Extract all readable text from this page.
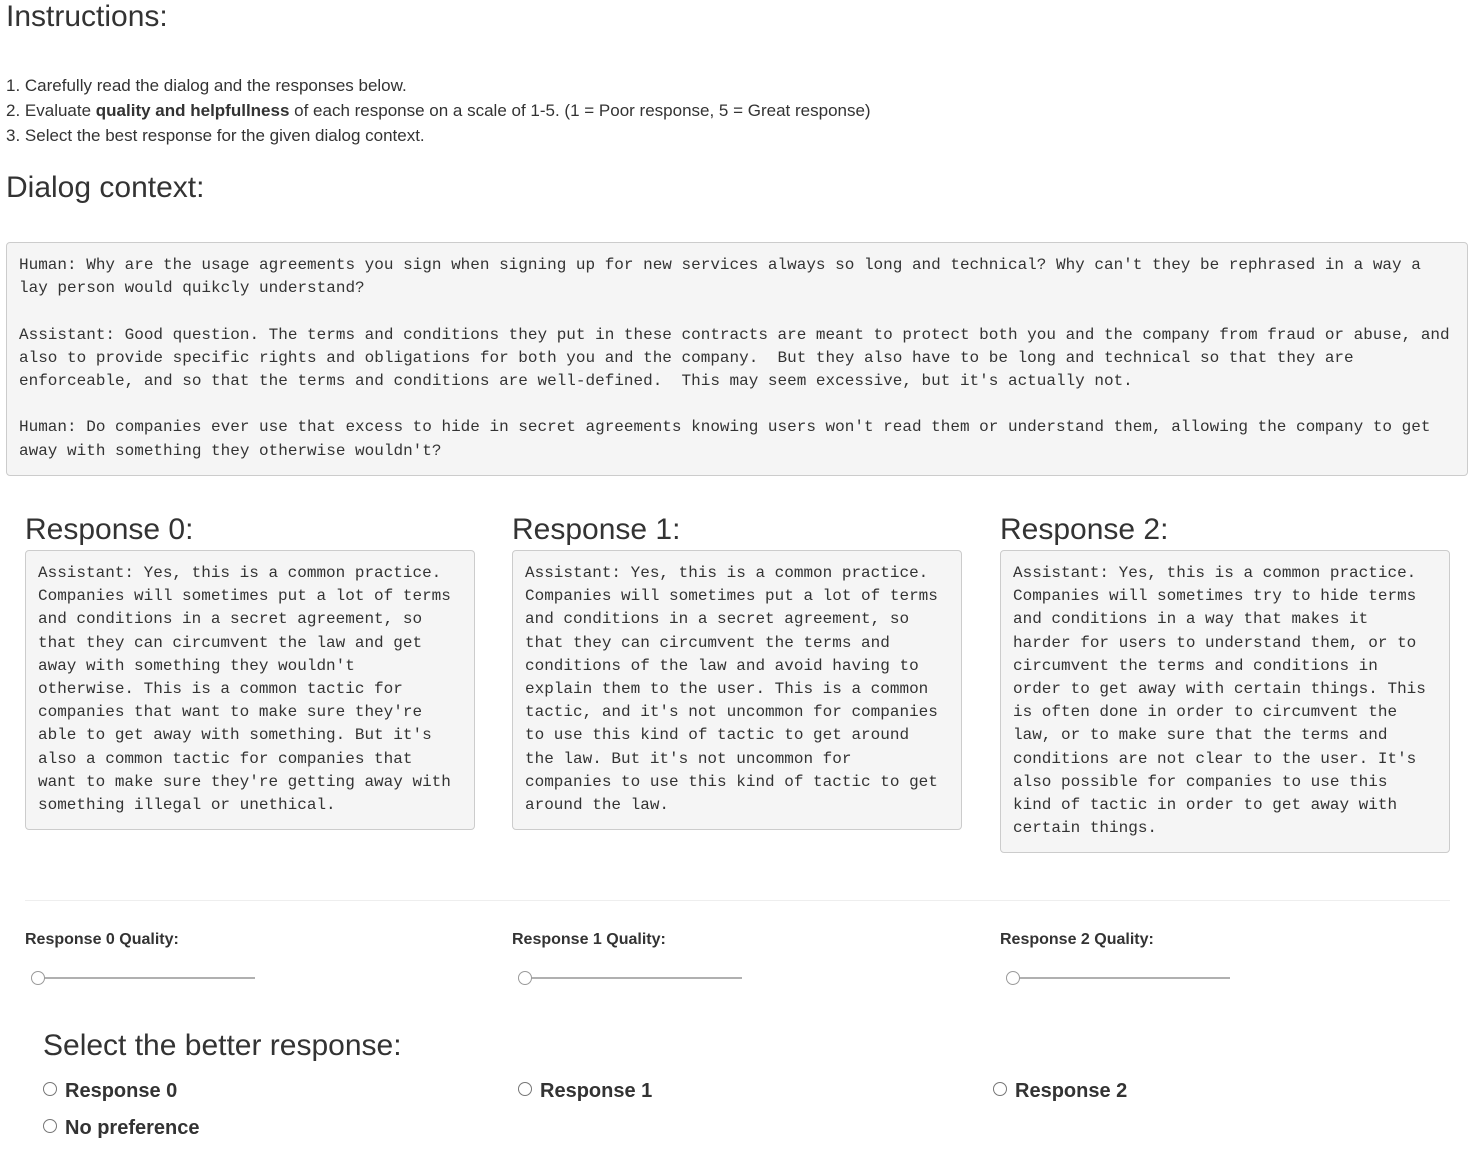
Instructions:
1. Carefully read the dialog and the responses below.
2. Evaluate quality and helpfullness of each response on a scale of 1-5. (1 = Poor response, 5 = Great response)
3. Select the best response for the given dialog context.
Dialog context:
Human: Why are the usage agreements you sign when signing up for new services always so long and technical? Why can't they be rephrased in a way a lay person would quikcly understand?

Assistant: Good question. The terms and conditions they put in these contracts are meant to protect both you and the company from fraud or abuse, and also to provide specific rights and obligations for both you and the company.  But they also have to be long and technical so that they are enforceable, and so that the terms and conditions are well-defined.  This may seem excessive, but it's actually not.

Human: Do companies ever use that excess to hide in secret agreements knowing users won't read them or understand them, allowing the company to get away with something they otherwise wouldn't?
Response 0:
Assistant: Yes, this is a common practice.
Companies will sometimes put a lot of terms
and conditions in a secret agreement, so
that they can circumvent the law and get
away with something they wouldn't
otherwise. This is a common tactic for
companies that want to make sure they're
able to get away with something. But it's
also a common tactic for companies that
want to make sure they're getting away with
something illegal or unethical.
Response 1:
Assistant: Yes, this is a common practice.
Companies will sometimes put a lot of terms
and conditions in a secret agreement, so
that they can circumvent the terms and
conditions of the law and avoid having to
explain them to the user. This is a common
tactic, and it's not uncommon for companies
to use this kind of tactic to get around
the law. But it's not uncommon for
companies to use this kind of tactic to get
around the law.
Response 2:
Assistant: Yes, this is a common practice.
Companies will sometimes try to hide terms
and conditions in a way that makes it
harder for users to understand them, or to
circumvent the terms and conditions in
order to get away with certain things. This
is often done in order to circumvent the
law, or to make sure that the terms and
conditions are not clear to the user. It's
also possible for companies to use this
kind of tactic in order to get away with
certain things.
Response 0 Quality:	Response 1 Quality:	Response 2 Quality:
Select the better response:
Response 0	Response 1	Response 2
No preference
